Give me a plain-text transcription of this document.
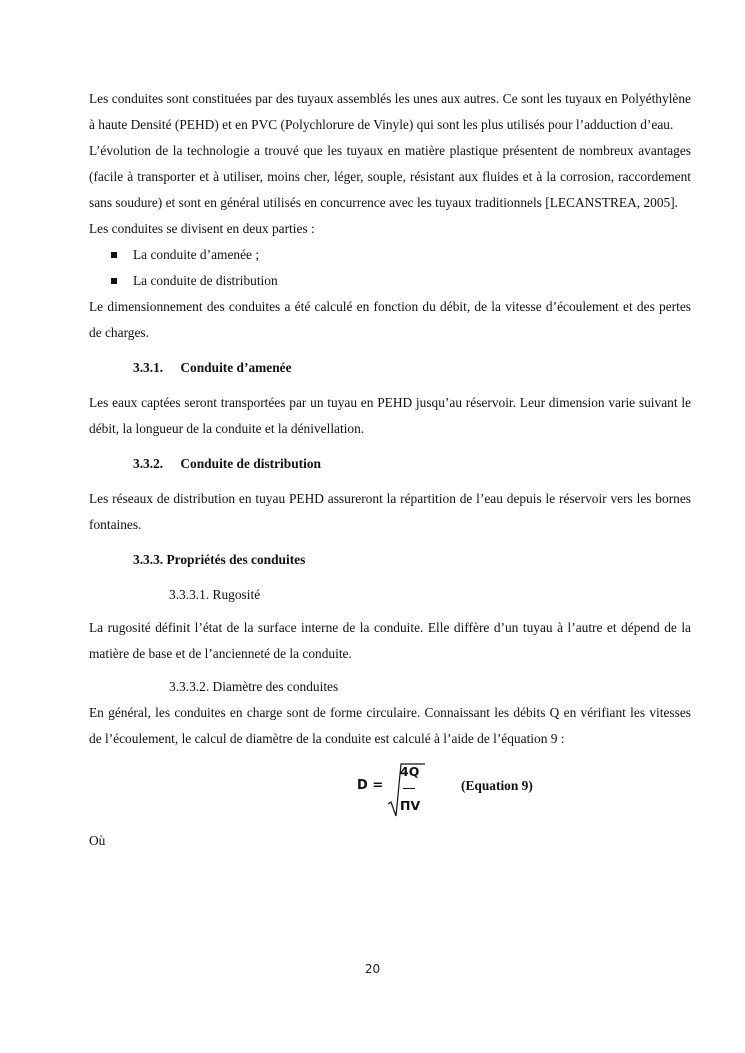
Les conduites sont constituées par des tuyaux assemblés les unes aux autres. Ce sont les tuyaux en Polyéthylène à haute Densité (PEHD) et en PVC (Polychlorure de Vinyle) qui sont les plus utilisés pour l’adduction d’eau.

L’évolution de la technologie a trouvé que les tuyaux en matière plastique présentent de nombreux avantages (facile à transporter et à utiliser, moins cher, léger, souple, résistant aux fluides et à la corrosion, raccordement sans soudure) et sont en général utilisés en concurrence avec les tuyaux traditionnels [LECANSTREA, 2005].

Les conduites se divisent en deux parties :

La conduite d’amenée ;
La conduite de distribution

Le dimensionnement des conduites a été calculé en fonction du débit, de la vitesse d’écoulement et des pertes de charges.

3.3.1. Conduite d’amenée

Les eaux captées seront transportées par un tuyau en PEHD jusqu’au réservoir. Leur dimension varie suivant le débit, la longueur de la conduite et la dénivellation.

3.3.2. Conduite de distribution

Les réseaux de distribution en tuyau PEHD assureront la répartition de l’eau depuis le réservoir vers les bornes fontaines.

3.3.3. Propriétés des conduites
3.3.3.1. Rugosité

La rugosité définit l’état de la surface interne de la conduite. Elle diffère d’un tuyau à l’autre et dépend de la matière de base et de l’ancienneté de la conduite.

3.3.3.2. Diamètre des conduites

En général, les conduites en charge sont de forme circulaire. Connaissant les débits Q en vérifiant les vitesses de l’écoulement, le calcul de diamètre de la conduite est calculé à l’aide de l’équation 9 :

D =
4Q
ΠV
(Equation 9)

Où

20
